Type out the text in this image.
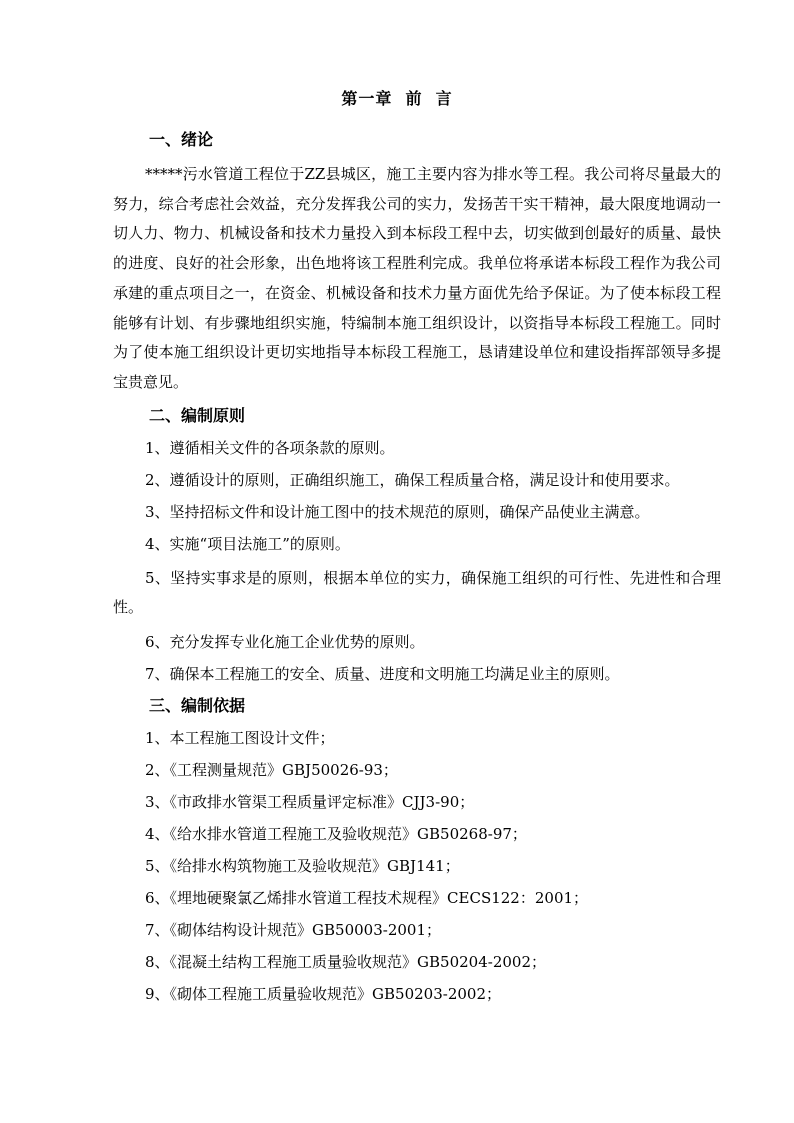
第一章  前  言
一、绪论

*****污水管道工程位于ZZ县城区，施工主要内容为排水等工程。我公司将尽量最大的努力，综合考虑社会效益，充分发挥我公司的实力，发扬苦干实干精神，最大限度地调动一切人力、物力、机械设备和技术力量投入到本标段工程中去，切实做到创最好的质量、最快的进度、良好的社会形象，出色地将该工程胜利完成。我单位将承诺本标段工程作为我公司承建的重点项目之一，在资金、机械设备和技术力量方面优先给予保证。为了使本标段工程能够有计划、有步骤地组织实施，特编制本施工组织设计，以资指导本标段工程施工。同时为了使本施工组织设计更切实地指导本标段工程施工，恳请建设单位和建设指挥部领导多提宝贵意见。

二、编制原则

1、遵循相关文件的各项条款的原则。

2、遵循设计的原则，正确组织施工，确保工程质量合格，满足设计和使用要求。

3、坚持招标文件和设计施工图中的技术规范的原则，确保产品使业主满意。

4、实施“项目法施工”的原则。

5、坚持实事求是的原则，根据本单位的实力，确保施工组织的可行性、先进性和合理性。

6、充分发挥专业化施工企业优势的原则。

7、确保本工程施工的安全、质量、进度和文明施工均满足业主的原则。

三、编制依据

1、本工程施工图设计文件；

2、《工程测量规范》GBJ50026-93；

3、《市政排水管渠工程质量评定标准》CJJ3-90；

4、《给水排水管道工程施工及验收规范》GB50268-97；

5、《给排水构筑物施工及验收规范》GBJ141；

6、《埋地硬聚氯乙烯排水管道工程技术规程》CECS122：2001；

7、《砌体结构设计规范》GB50003-2001；

8、《混凝土结构工程施工质量验收规范》GB50204-2002；

9、《砌体工程施工质量验收规范》GB50203-2002；
